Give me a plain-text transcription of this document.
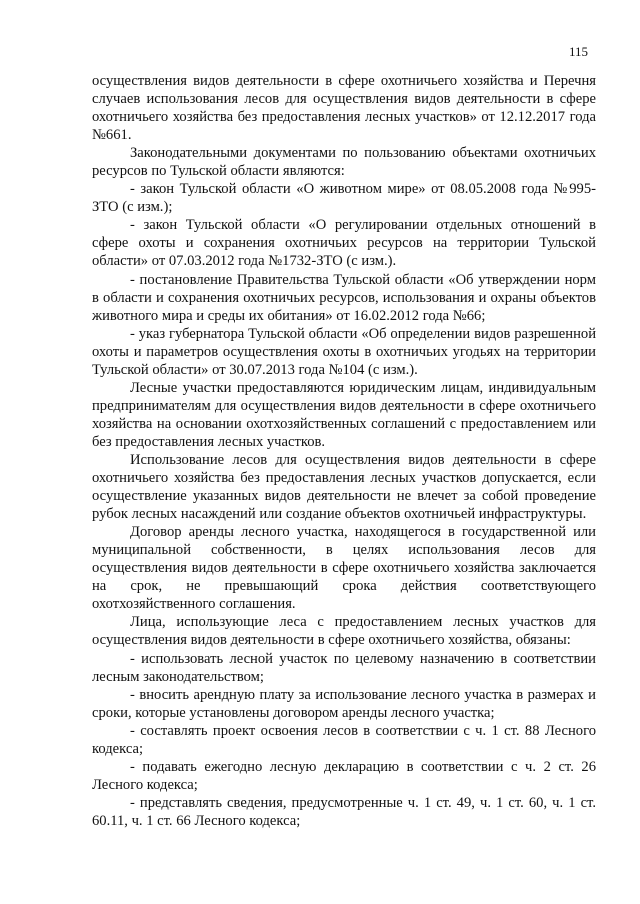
115

осуществления видов деятельности в сфере охотничьего хозяйства и Перечня случаев использования лесов для осуществления видов деятельности в сфере охотничьего хозяйства без предоставления лесных участков» от 12.12.2017 года №661.

Законодательными документами по пользованию объектами охотничьих ресурсов по Тульской области являются:

- закон Тульской области «О животном мире» от 08.05.2008 года №995-ЗТО (с изм.);

- закон Тульской области «О регулировании отдельных отношений в сфере охоты и сохранения охотничьих ресурсов на территории Тульской области» от 07.03.2012 года №1732-ЗТО (с изм.).

- постановление Правительства Тульской области «Об утверждении норм в области и сохранения охотничьих ресурсов, использования и охраны объектов животного мира и среды их обитания» от 16.02.2012 года №66;

- указ губернатора Тульской области «Об определении видов разрешенной охоты и параметров осуществления охоты в охотничьих угодьях на территории Тульской области» от 30.07.2013 года №104 (с изм.).

Лесные участки предоставляются юридическим лицам, индивидуальным предпринимателям для осуществления видов деятельности в сфере охотничьего хозяйства на основании охотхозяйственных соглашений с предоставлением или без предоставления лесных участков.

Использование лесов для осуществления видов деятельности в сфере охотничьего хозяйства без предоставления лесных участков допускается, если осуществление указанных видов деятельности не влечет за собой проведение рубок лесных насаждений или создание объектов охотничьей инфраструктуры.

Договор аренды лесного участка, находящегося в государственной или муниципальной собственности, в целях использования лесов для осуществления видов деятельности в сфере охотничьего хозяйства заключается на срок, не превышающий срока действия соответствующего охотхозяйственного соглашения.

Лица, использующие леса с предоставлением лесных участков для осуществления видов деятельности в сфере охотничьего хозяйства, обязаны:

- использовать лесной участок по целевому назначению в соответствии лесным законодательством;

- вносить арендную плату за использование лесного участка в размерах и сроки, которые установлены договором аренды лесного участка;

- составлять проект освоения лесов в соответствии с ч. 1 ст. 88 Лесного кодекса;

- подавать ежегодно лесную декларацию в соответствии с ч. 2 ст. 26 Лесного кодекса;

- представлять сведения, предусмотренные ч. 1 ст. 49, ч. 1 ст. 60, ч. 1 ст. 60.11, ч. 1 ст. 66 Лесного кодекса;
